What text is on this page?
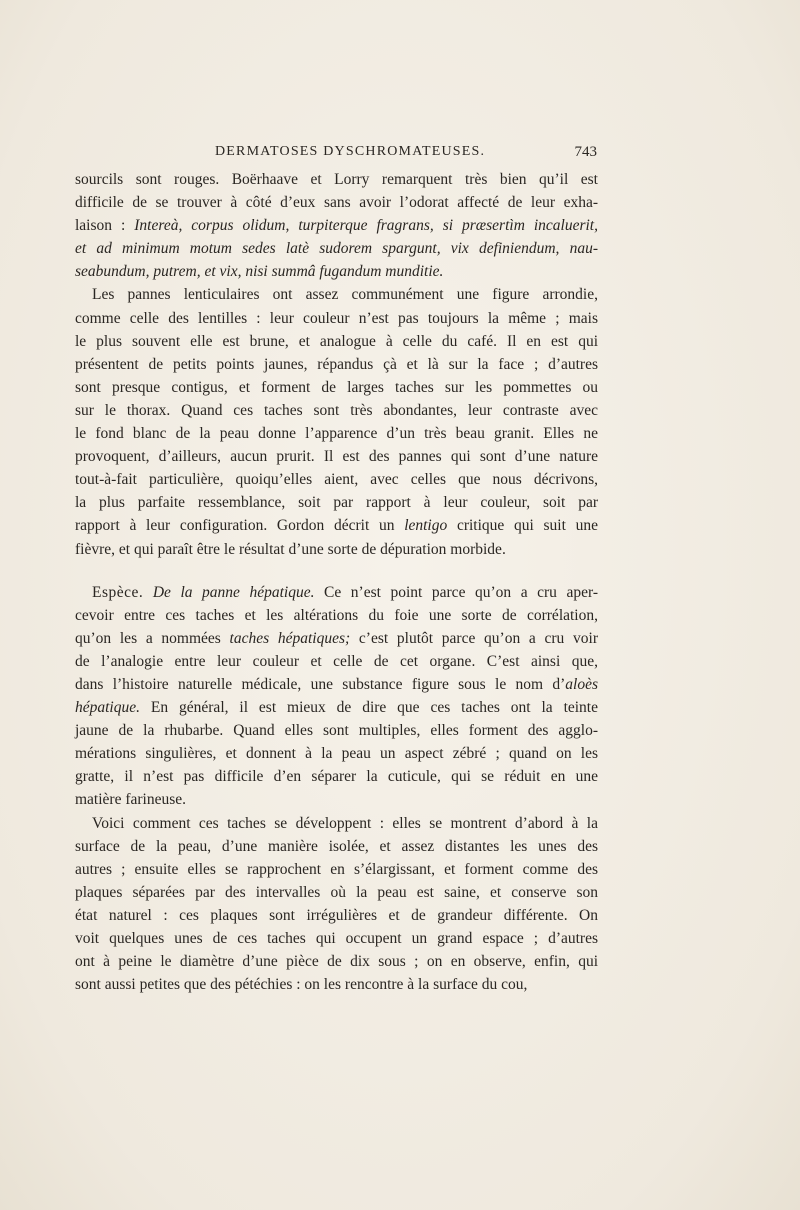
DERMATOSES DYSCHROMATEUSES.	743
sourcils sont rouges. Boërhaave et Lorry remarquent très bien qu’il est
difficile de se trouver à côté d’eux sans avoir l’odorat affecté de leur exha-
laison : Intereà, corpus olidum, turpiterque fragrans, si præsertìm incaluerit,
et ad minimum motum sedes latè sudorem spargunt, vix definiendum, nau-
seabundum, putrem, et vix, nisi summâ fugandum munditie.
Les pannes lenticulaires ont assez communément une figure arrondie,
comme celle des lentilles : leur couleur n’est pas toujours la même ; mais
le plus souvent elle est brune, et analogue à celle du café. Il en est qui
présentent de petits points jaunes, répandus çà et là sur la face ; d’autres
sont presque contigus, et forment de larges taches sur les pommettes ou
sur le thorax. Quand ces taches sont très abondantes, leur contraste avec
le fond blanc de la peau donne l’apparence d’un très beau granit. Elles ne
provoquent, d’ailleurs, aucun prurit. Il est des pannes qui sont d’une nature
tout-à-fait particulière, quoiqu’elles aient, avec celles que nous décrivons,
la plus parfaite ressemblance, soit par rapport à leur couleur, soit par
rapport à leur configuration. Gordon décrit un lentigo critique qui suit une
fièvre, et qui paraît être le résultat d’une sorte de dépuration morbide.
Espèce. De la panne hépatique. Ce n’est point parce qu’on a cru aper-
cevoir entre ces taches et les altérations du foie une sorte de corrélation,
qu’on les a nommées taches hépatiques; c’est plutôt parce qu’on a cru voir
de l’analogie entre leur couleur et celle de cet organe. C’est ainsi que,
dans l’histoire naturelle médicale, une substance figure sous le nom d’aloès
hépatique. En général, il est mieux de dire que ces taches ont la teinte
jaune de la rhubarbe. Quand elles sont multiples, elles forment des agglo-
mérations singulières, et donnent à la peau un aspect zébré ; quand on les
gratte, il n’est pas difficile d’en séparer la cuticule, qui se réduit en une
matière farineuse.
Voici comment ces taches se développent : elles se montrent d’abord à la
surface de la peau, d’une manière isolée, et assez distantes les unes des
autres ; ensuite elles se rapprochent en s’élargissant, et forment comme des
plaques séparées par des intervalles où la peau est saine, et conserve son
état naturel : ces plaques sont irrégulières et de grandeur différente. On
voit quelques unes de ces taches qui occupent un grand espace ; d’autres
ont à peine le diamètre d’une pièce de dix sous ; on en observe, enfin, qui
sont aussi petites que des pétéchies : on les rencontre à la surface du cou,
